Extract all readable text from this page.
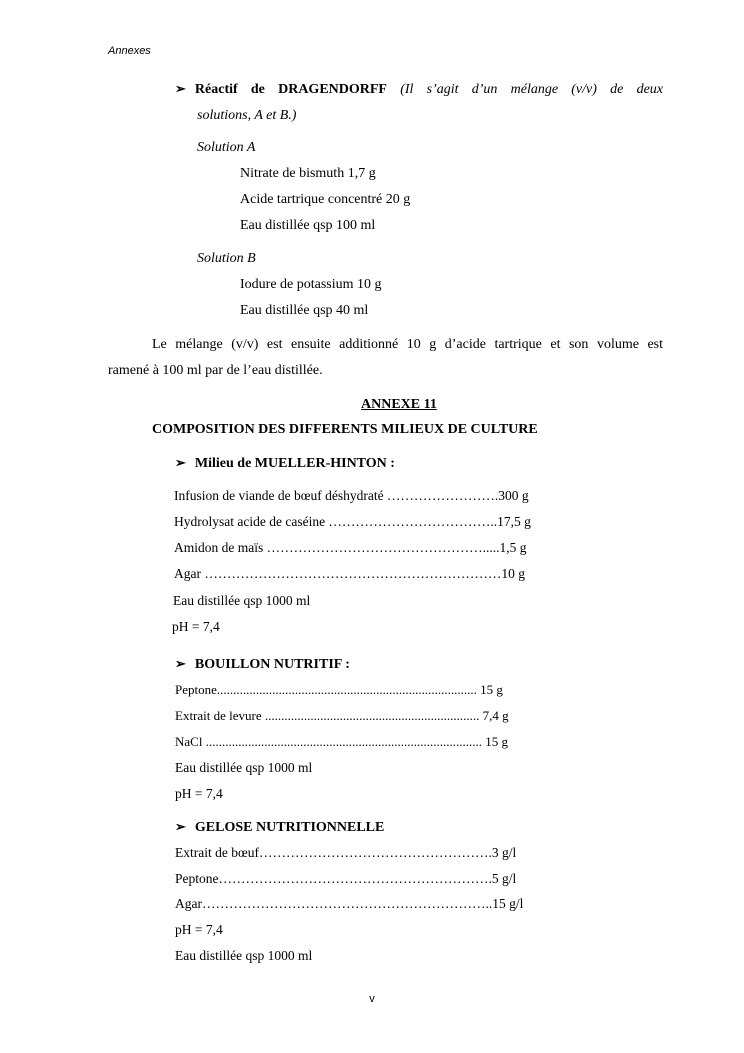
Annexes
➢ Réactif de DRAGENDORFF (Il s’agit d’un mélange (v/v) de deux
solutions, A et B.)
Solution A
Nitrate de bismuth 1,7 g
Acide tartrique concentré 20 g
Eau distillée qsp 100 ml
Solution B
Iodure de potassium 10 g
Eau distillée qsp 40 ml
Le mélange (v/v) est ensuite additionné 10 g d’acide tartrique et son volume est
ramené à 100 ml par de l’eau distillée.
ANNEXE 11
COMPOSITION DES DIFFERENTS MILIEUX DE CULTURE
➢ Milieu de MUELLER-HINTON :
Infusion de viande de bœuf déshydraté …………………….300 g
Hydrolysat acide de caséine ………………………………..17,5 g
Amidon de maïs ………………………………………….....1,5 g
Agar …………………………………………………………10 g
Eau distillée qsp 1000 ml
pH = 7,4
➢ BOUILLON NUTRITIF :
Peptone................................................................................ 15 g
Extrait de levure .................................................................. 7,4 g
NaCl ..................................................................................... 15 g
Eau distillée qsp 1000 ml
pH = 7,4
➢ GELOSE NUTRITIONNELLE
Extrait de bœuf…………………………………………….3 g/l
Peptone…………………………………………………….5 g/l
Agar………………………………………………………..15 g/l
pH = 7,4
Eau distillée qsp 1000 ml
v
